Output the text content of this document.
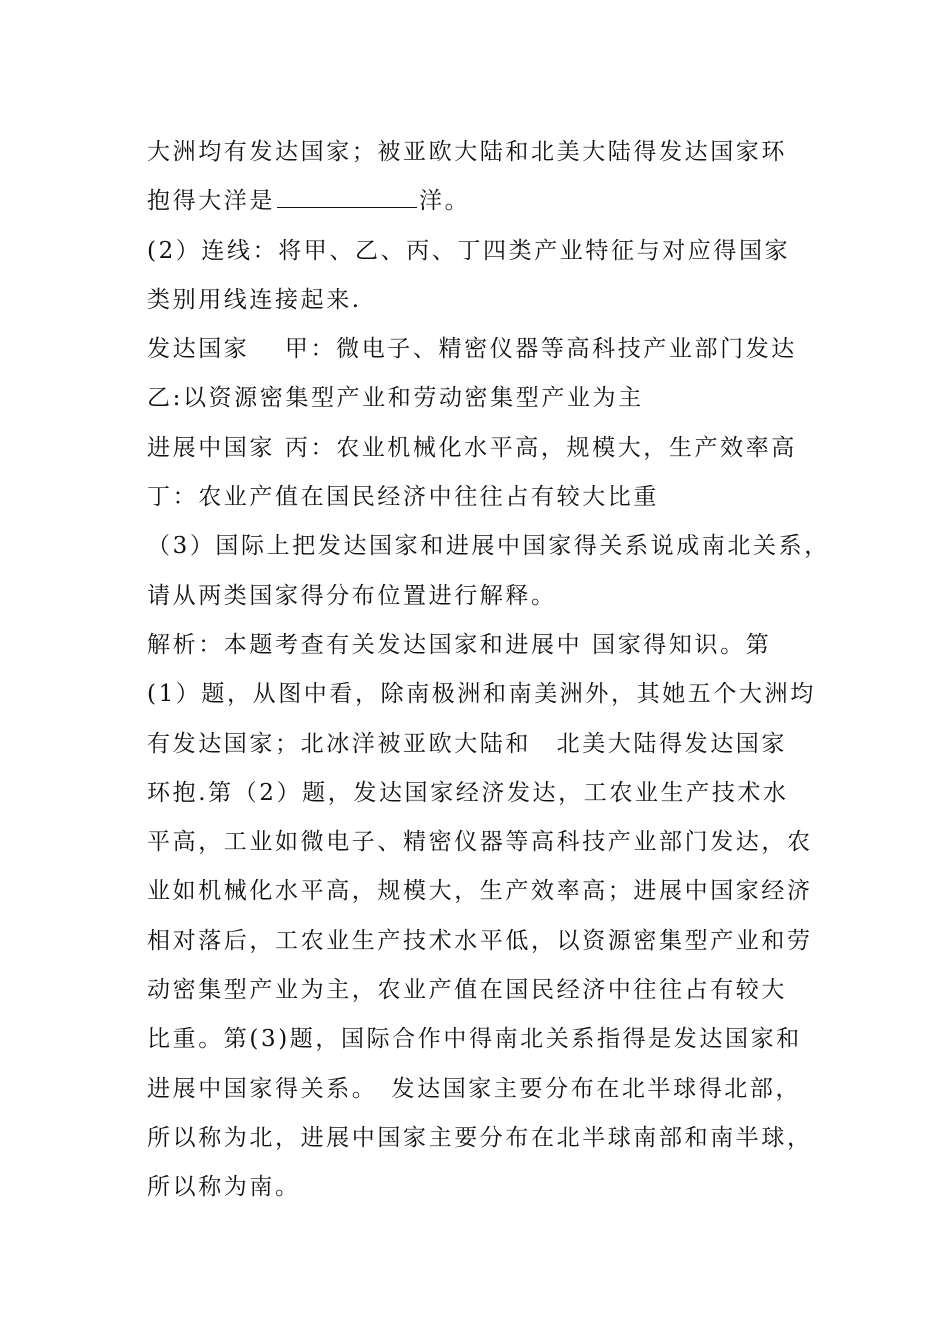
大洲均有发达国家；被亚欧大陆和北美大陆得发达国家环
抱得大洋是	洋。
(2）连线：将甲、乙、丙、丁四类产业特征与对应得国家
类别用线连接起来.
发达国家　 甲：微电子、精密仪器等高科技产业部门发达
乙:以资源密集型产业和劳动密集型产业为主
进展中国家 丙：农业机械化水平高，规模大，生产效率高
丁：农业产值在国民经济中往往占有较大比重
（3）国际上把发达国家和进展中国家得关系说成南北关系，
请从两类国家得分布位置进行解释。
解析：本题考查有关发达国家和进展中 国家得知识。第
(1）题，从图中看，除南极洲和南美洲外，其她五个大洲均
有发达国家；北冰洋被亚欧大陆和　北美大陆得发达国家
环抱.第（2）题，发达国家经济发达，工农业生产技术水
平高，工业如微电子、精密仪器等高科技产业部门发达，农
业如机械化水平高，规模大，生产效率高；进展中国家经济
相对落后，工农业生产技术水平低，以资源密集型产业和劳
动密集型产业为主，农业产值在国民经济中往往占有较大
比重。第(3)题，国际合作中得南北关系指得是发达国家和
进展中国家得关系。　发达国家主要分布在北半球得北部，
所以称为北，进展中国家主要分布在北半球南部和南半球，
所以称为南。
